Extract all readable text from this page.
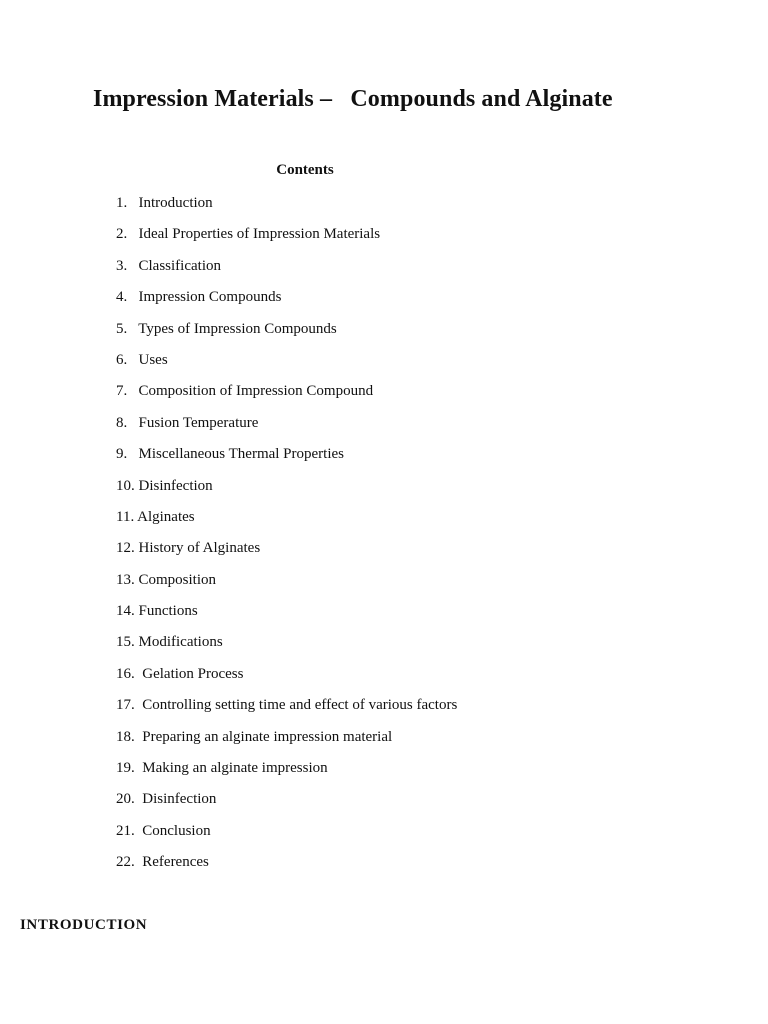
Impression Materials –   Compounds and Alginate
Contents
1.   Introduction
2.   Ideal Properties of Impression Materials
3.   Classification
4.   Impression Compounds
5.   Types of Impression Compounds
6.   Uses
7.   Composition of Impression Compound
8.   Fusion Temperature
9.   Miscellaneous Thermal Properties
10. Disinfection
11. Alginates
12. History of Alginates
13. Composition
14. Functions
15. Modifications
16.  Gelation Process
17.  Controlling setting time and effect of various factors
18.  Preparing an alginate impression material
19.  Making an alginate impression
20.  Disinfection
21.  Conclusion
22.  References
INTRODUCTION
